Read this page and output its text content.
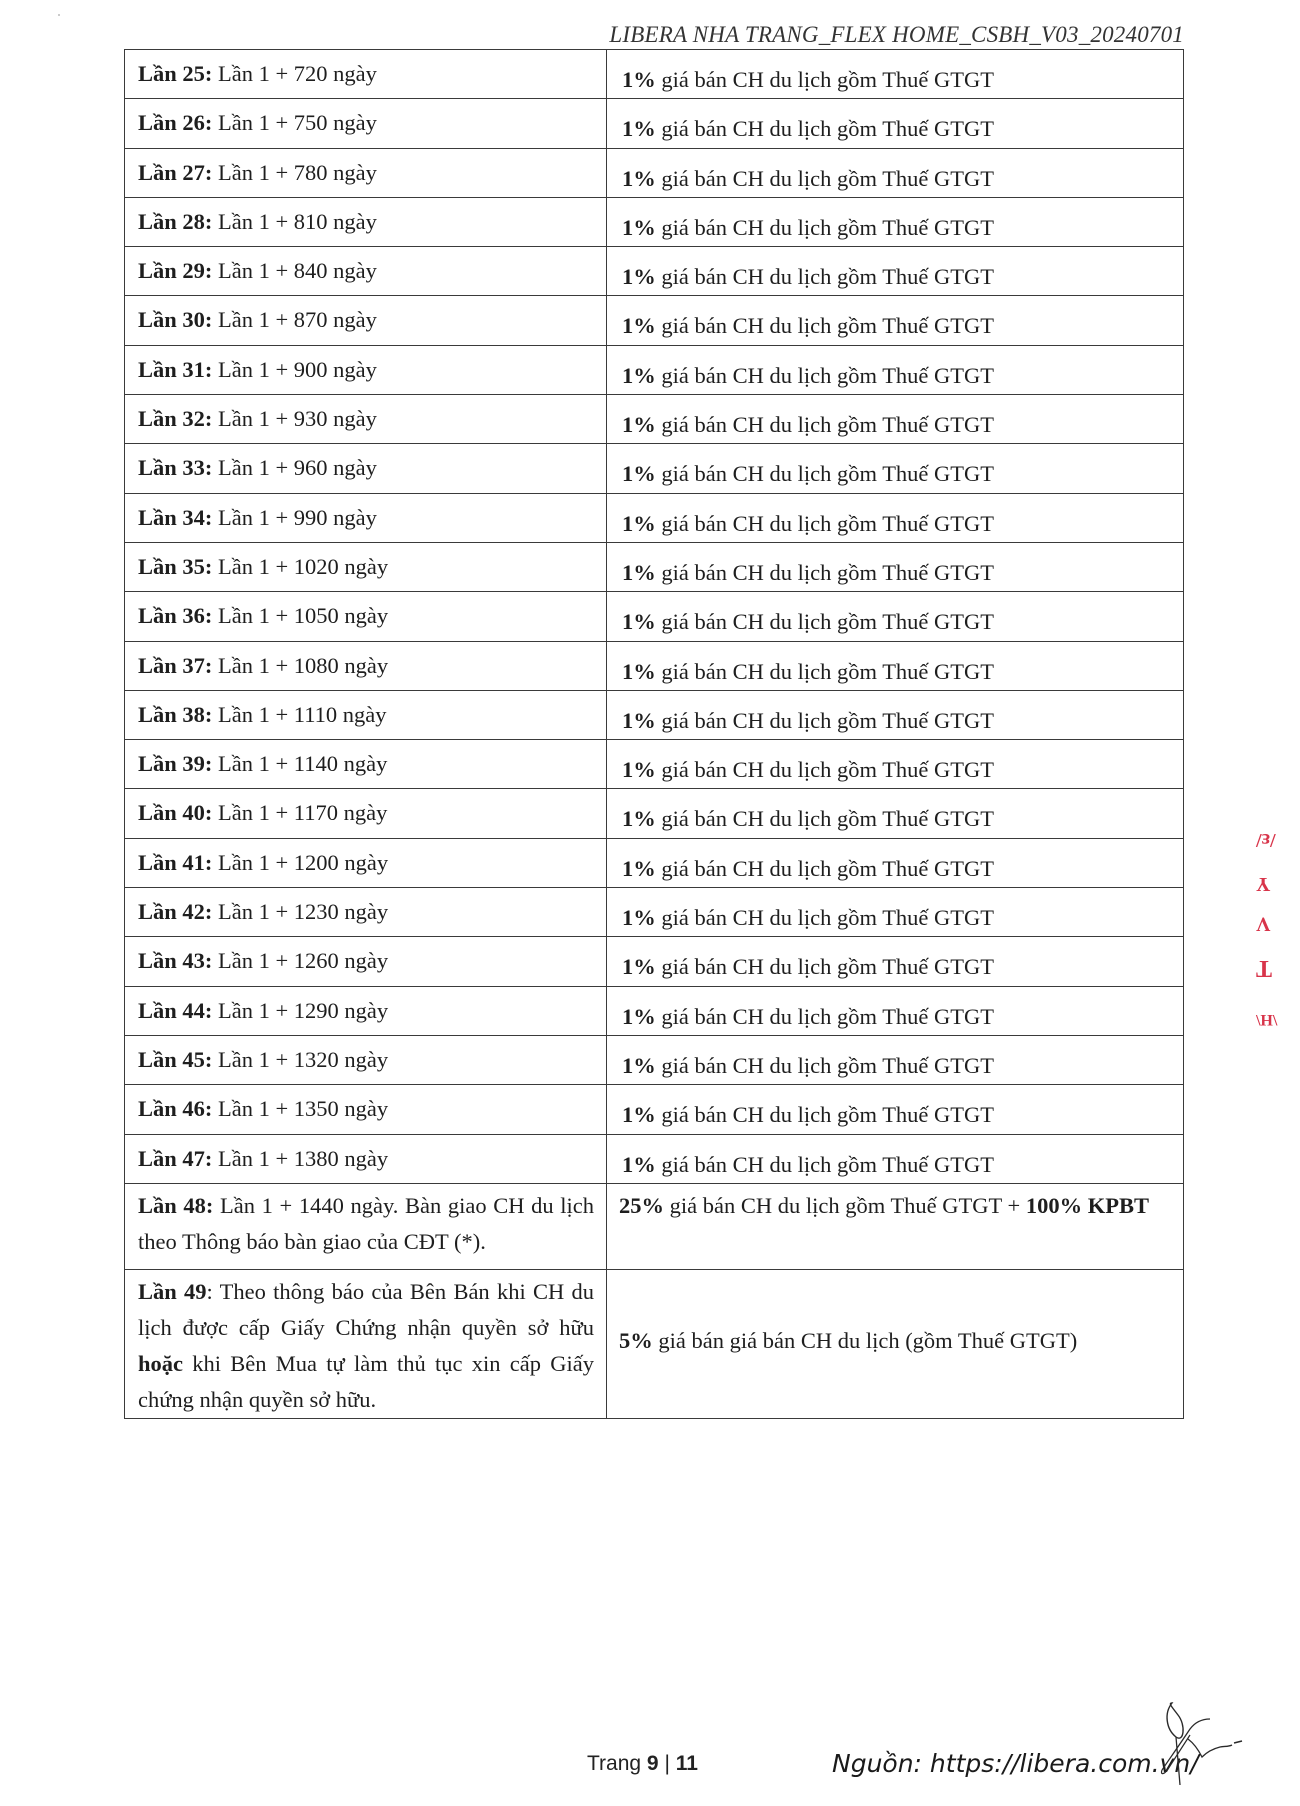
LIBERA NHA TRANG_FLEX HOME_CSBH_V03_20240701
Lần 25: Lần 1 + 720 ngày	1% giá bán CH du lịch gồm Thuế GTGT

Lần 26: Lần 1 + 750 ngày	1% giá bán CH du lịch gồm Thuế GTGT

Lần 27: Lần 1 + 780 ngày	1% giá bán CH du lịch gồm Thuế GTGT

Lần 28: Lần 1 + 810 ngày	1% giá bán CH du lịch gồm Thuế GTGT

Lần 29: Lần 1 + 840 ngày	1% giá bán CH du lịch gồm Thuế GTGT

Lần 30: Lần 1 + 870 ngày	1% giá bán CH du lịch gồm Thuế GTGT

Lần 31: Lần 1 + 900 ngày	1% giá bán CH du lịch gồm Thuế GTGT

Lần 32: Lần 1 + 930 ngày	1% giá bán CH du lịch gồm Thuế GTGT

Lần 33: Lần 1 + 960 ngày	1% giá bán CH du lịch gồm Thuế GTGT

Lần 34: Lần 1 + 990 ngày	1% giá bán CH du lịch gồm Thuế GTGT

Lần 35: Lần 1 + 1020 ngày	1% giá bán CH du lịch gồm Thuế GTGT

Lần 36: Lần 1 + 1050 ngày	1% giá bán CH du lịch gồm Thuế GTGT

Lần 37: Lần 1 + 1080 ngày	1% giá bán CH du lịch gồm Thuế GTGT

Lần 38: Lần 1 + 1110 ngày	1% giá bán CH du lịch gồm Thuế GTGT

Lần 39: Lần 1 + 1140 ngày	1% giá bán CH du lịch gồm Thuế GTGT

Lần 40: Lần 1 + 1170 ngày	1% giá bán CH du lịch gồm Thuế GTGT

Lần 41: Lần 1 + 1200 ngày	1% giá bán CH du lịch gồm Thuế GTGT

Lần 42: Lần 1 + 1230 ngày	1% giá bán CH du lịch gồm Thuế GTGT

Lần 43: Lần 1 + 1260 ngày	1% giá bán CH du lịch gồm Thuế GTGT

Lần 44: Lần 1 + 1290 ngày	1% giá bán CH du lịch gồm Thuế GTGT

Lần 45: Lần 1 + 1320 ngày	1% giá bán CH du lịch gồm Thuế GTGT

Lần 46: Lần 1 + 1350 ngày	1% giá bán CH du lịch gồm Thuế GTGT

Lần 47: Lần 1 + 1380 ngày	1% giá bán CH du lịch gồm Thuế GTGT

Lần 48: Lần 1 + 1440 ngày. Bàn giao CH du lịch theo Thông báo bàn giao của CĐT (*).	25% giá bán CH du lịch gồm Thuế GTGT + 100% KPBT

Lần 49: Theo thông báo của Bên Bán khi CH du lịch được cấp Giấy Chứng nhận quyền sở hữu hoặc khi Bên Mua tự làm thủ tục xin cấp Giấy chứng nhận quyền sở hữu.	5% giá bán giá bán CH du lịch (gồm Thuế GTGT)
/ɛ/
Y
V
T
\H\
Trang 9 | 11	Nguồn: https://libera.com.vn/
